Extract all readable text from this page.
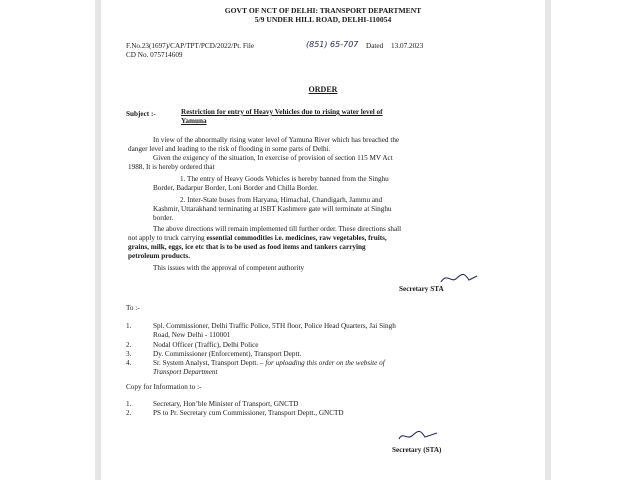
GOVT OF NCT OF DELHI: TRANSPORT DEPARTMENT
5/9 UNDER HILL ROAD, DELHI-110054
F.No.23(1697)/CAP/TPT/PCD/2022/Pt. File	(851) 65-707 Dated 13.07.2023
CD No. 075714609
ORDER
Subject :-	Restriction for entry of Heavy Vehicles due to rising water level of
Yamuna
In view of the abnormally rising water level of Yamuna River which has breached the
danger level and leading to the risk of flooding in some parts of Delhi.
Given the exigency of the situation, In exercise of provision of section 115 MV Act
1988, It is hereby ordered that
1. The entry of Heavy Goods Vehicles is hereby banned from the Singhu
Border, Badarpur Border, Loni Border and Chilla Border.
2. Inter-State buses from Haryana, Himachal, Chandigarh, Jammu and
Kashmir, Uttarakhand terminating at ISBT Kashmere gate will terminate at Singhu
border.
The above directions will remain implemented till further order. These directions shall
not apply to truck carrying essential commodities i.e. medicines, raw vegetables, fruits,
grains, milk, eggs, ice etc that is to be used as food items and tankers carrying
petroleum products.
This issues with the approval of competent authority
Secretary STA
To :-
1.	Spl. Commissioner, Delhi Traffic Police, 5TH floor, Police Head Quarters, Jai Singh
Road, New Delhi - 110001
2.	Nodal Officer (Traffic), Delhi Police
3.	Dy. Commissioner (Enforcement), Transport Deptt.
4.	Sr. System Analyst, Transport Deptt. – for uploading this order on the website of
Transport Department
Copy for Information to :-
1.	Secretary, Hon’ble Minister of Transport, GNCTD
2.	PS to Pr. Secretary cum Commissioner, Transport Deptt., GNCTD
Secretary (STA)
